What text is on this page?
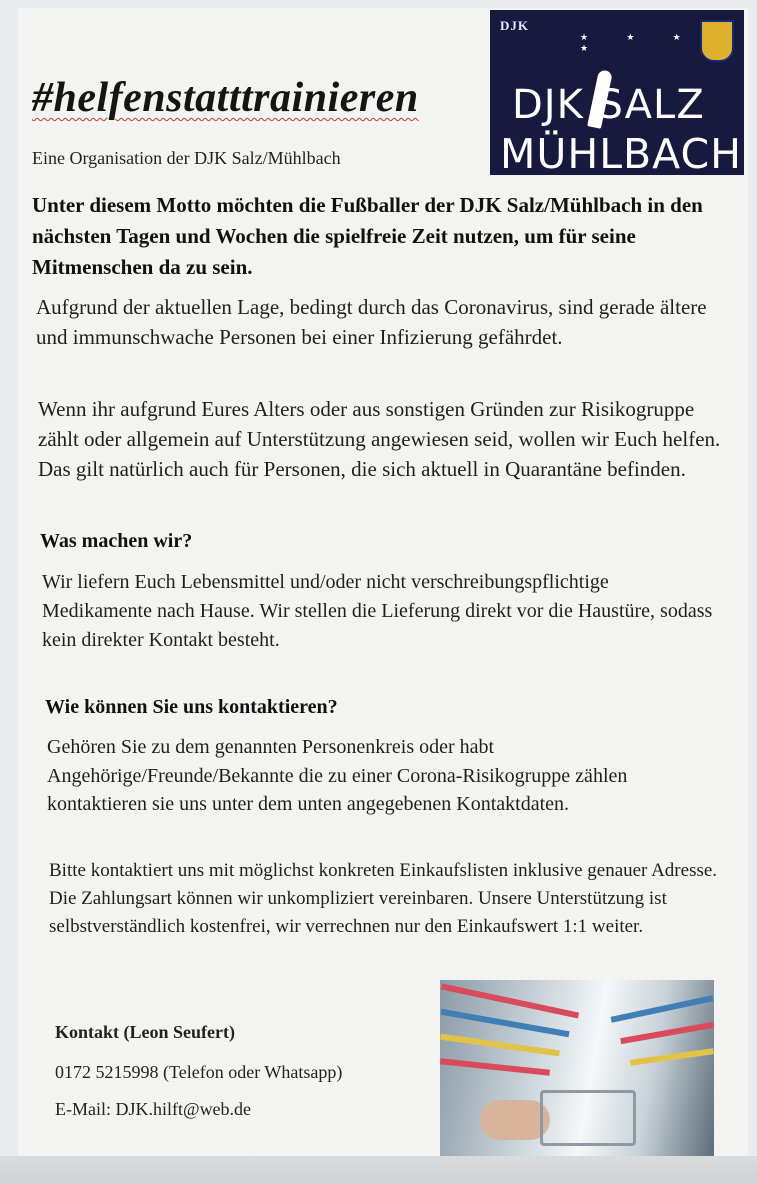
#helfenstatttrainieren
Eine Organisation der DJK Salz/Mühlbach
DJK
★ ★ ★ ★
DJK SALZ
MÜHLBACH

Unter diesem Motto möchten die Fußballer der DJK Salz/Mühlbach in den nächsten Tagen und Wochen die spielfreie Zeit nutzen, um für seine Mitmenschen da zu sein.

Aufgrund der aktuellen Lage, bedingt durch das Coronavirus, sind gerade ältere und immunschwache Personen bei einer Infizierung gefährdet.

Wenn ihr aufgrund Eures Alters oder aus sonstigen Gründen zur Risikogruppe zählt oder allgemein auf Unterstützung angewiesen seid, wollen wir Euch helfen. Das gilt natürlich auch für Personen, die sich aktuell in Quarantäne befinden.

Was machen wir?

Wir liefern Euch Lebensmittel und/oder nicht verschreibungspflichtige Medikamente nach Hause. Wir stellen die Lieferung direkt vor die Haustüre, sodass kein direkter Kontakt besteht.

Wie können Sie uns kontaktieren?

Gehören Sie zu dem genannten Personenkreis oder habt Angehörige/Freunde/Bekannte die zu einer Corona-Risikogruppe zählen kontaktieren sie uns unter dem unten angegebenen Kontaktdaten.

Bitte kontaktiert uns mit möglichst konkreten Einkaufslisten inklusive genauer Adresse. Die Zahlungsart können wir unkompliziert vereinbaren. Unsere Unterstützung ist selbstverständlich kostenfrei, wir verrechnen nur den Einkaufswert 1:1 weiter.

Kontakt (Leon Seufert)
0172 5215998 (Telefon oder Whatsapp)
E-Mail: DJK.hilft@web.de
